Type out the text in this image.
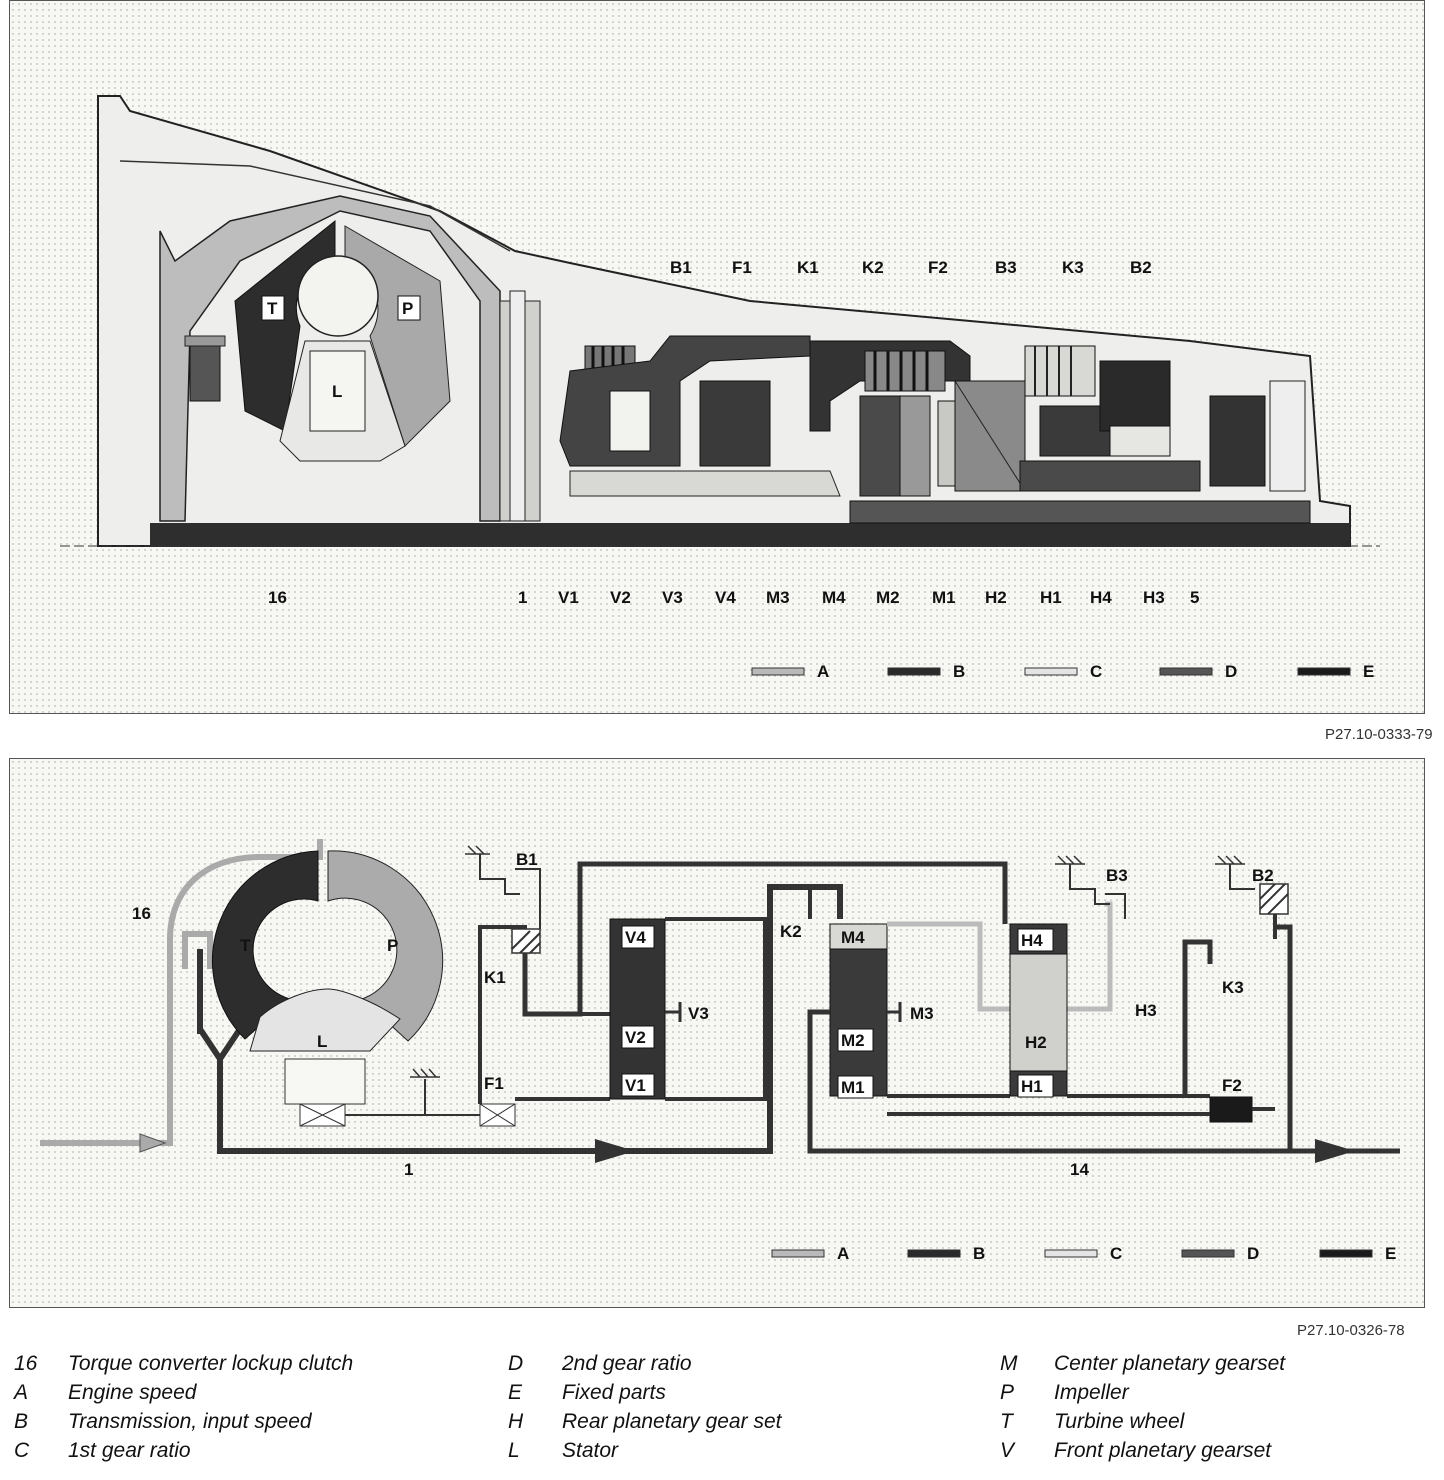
T	P
L
B1 F1	K1	K2	F2	B3	K3	B2
16	1 V1 V2 V3 V4 M3 M4 M2 M1 H2 H1 H4 H3 5
A	B	C	D	E
P27.10-0333-79
16
T	P
L
B1
K1
F1
V4
V3
V2
V1
K2 M4
M3
M2
M1
B3
H4
H3
H2
H1
B2
K3
F2
1	14
A	B	C	D	E
P27.10-0326-78
16 Torque converter lockup clutch
A Engine speed
B Transmission, input speed
C 1st gear ratio
D 2nd gear ratio
E Fixed parts
H Rear planetary gear set
L Stator
M Center planetary gearset
P Impeller
T Turbine wheel
V Front planetary gearset
